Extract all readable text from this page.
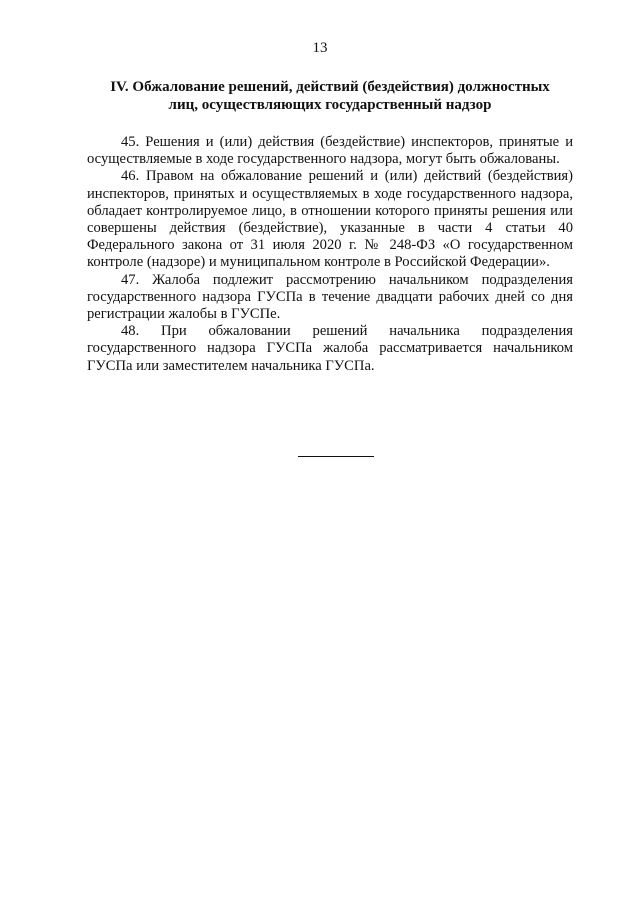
13
IV. Обжалование решений, действий (бездействия) должностных
лиц, осуществляющих государственный надзор

45. Решения и (или) действия (бездействие) инспекторов, принятые и осуществляемые в ходе государственного надзора, могут быть обжалованы.

46. Правом на обжалование решений и (или) действий (бездействия) инспекторов, принятых и осуществляемых в ходе государственного надзора, обладает контролируемое лицо, в отношении которого приняты решения или совершены действия (бездействие), указанные в части 4 статьи 40 Федерального закона от 31 июля 2020 г. № 248-ФЗ «О государственном контроле (надзоре) и муниципальном контроле в Российской Федерации».

47. Жалоба подлежит рассмотрению начальником подразделения государственного надзора ГУСПа в течение двадцати рабочих дней со дня регистрации жалобы в ГУСПе.

48. При обжаловании решений начальника подразделения государственного надзора ГУСПа жалоба рассматривается начальником ГУСПа или заместителем начальника ГУСПа.
